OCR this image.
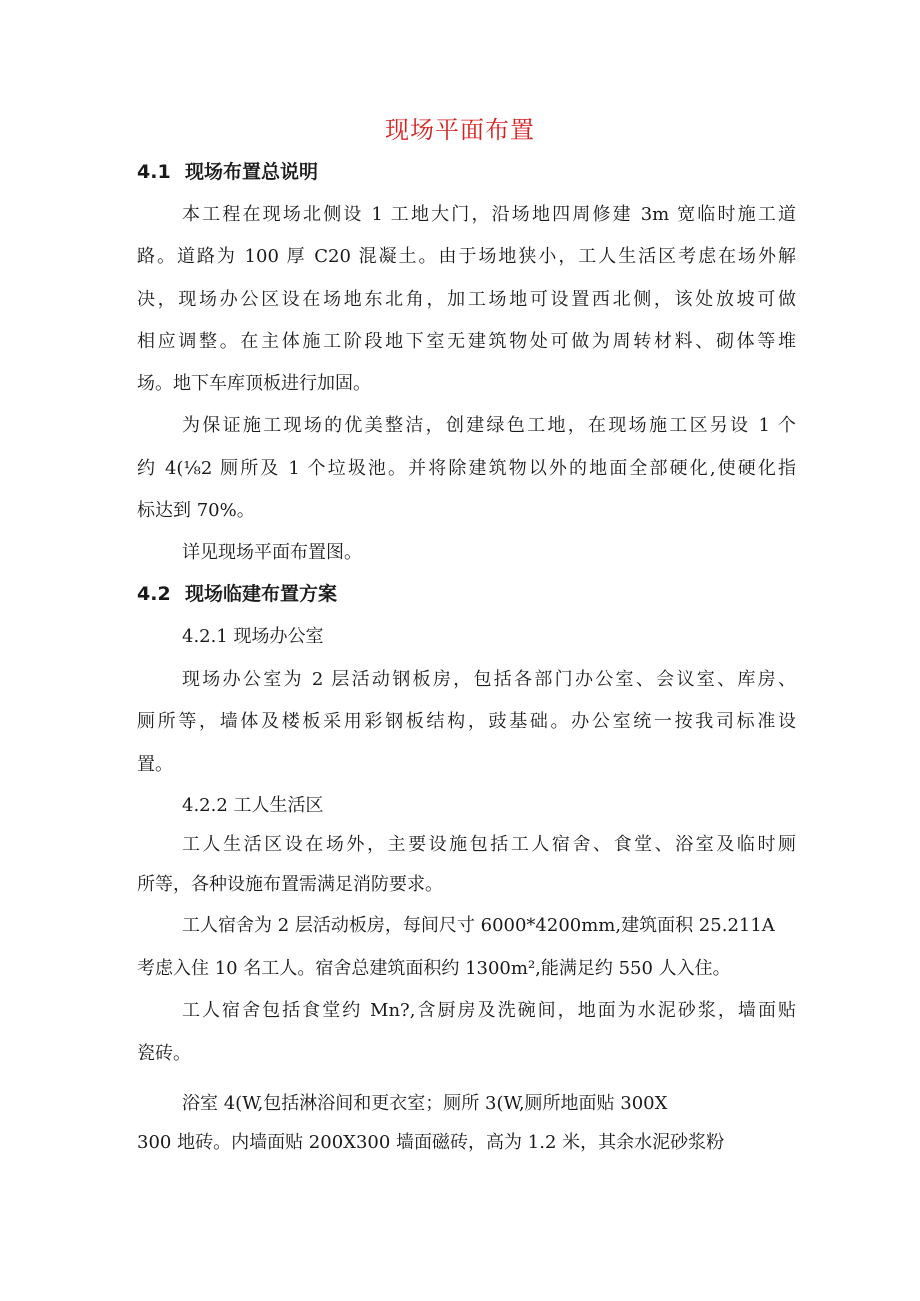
现场平面布置
4.1 现场布置总说明
本工程在现场北侧设 1 工地大门，沿场地四周修建 3m 宽临时施工道
路。道路为 100 厚 C20 混凝土。由于场地狭小，工人生活区考虑在场外解
决，现场办公区设在场地东北角，加工场地可设置西北侧，该处放坡可做
相应调整。在主体施工阶段地下室无建筑物处可做为周转材料、砌体等堆
场。地下车库顶板进行加固。
为保证施工现场的优美整洁，创建绿色工地，在现场施工区另设 1 个
约 4(⅛2 厕所及 1 个垃圾池。并将除建筑物以外的地面全部硬化,使硬化指
标达到 70%。
详见现场平面布置图。
4.2 现场临建布置方案
4.2.1 现场办公室
现场办公室为 2 层活动钢板房，包括各部门办公室、会议室、库房、
厕所等，墙体及楼板采用彩钢板结构，豉基础。办公室统一按我司标准设
置。
4.2.2 工人生活区
工人生活区设在场外，主要设施包括工人宿舍、食堂、浴室及临时厕
所等，各种设施布置需满足消防要求。
工人宿舍为 2 层活动板房，每间尺寸 6000*4200mm,建筑面积 25.211A
考虑入住 10 名工人。宿舍总建筑面积约 1300m²,能满足约 550 人入住。
工人宿舍包括食堂约 Mn?,含厨房及洗碗间，地面为水泥砂浆，墙面贴
瓷砖。
浴室 4(W,包括淋浴间和更衣室；厕所 3(W,厕所地面贴 300X
300 地砖。内墙面贴 200X300 墙面磁砖，高为 1.2 米，其余水泥砂浆粉
